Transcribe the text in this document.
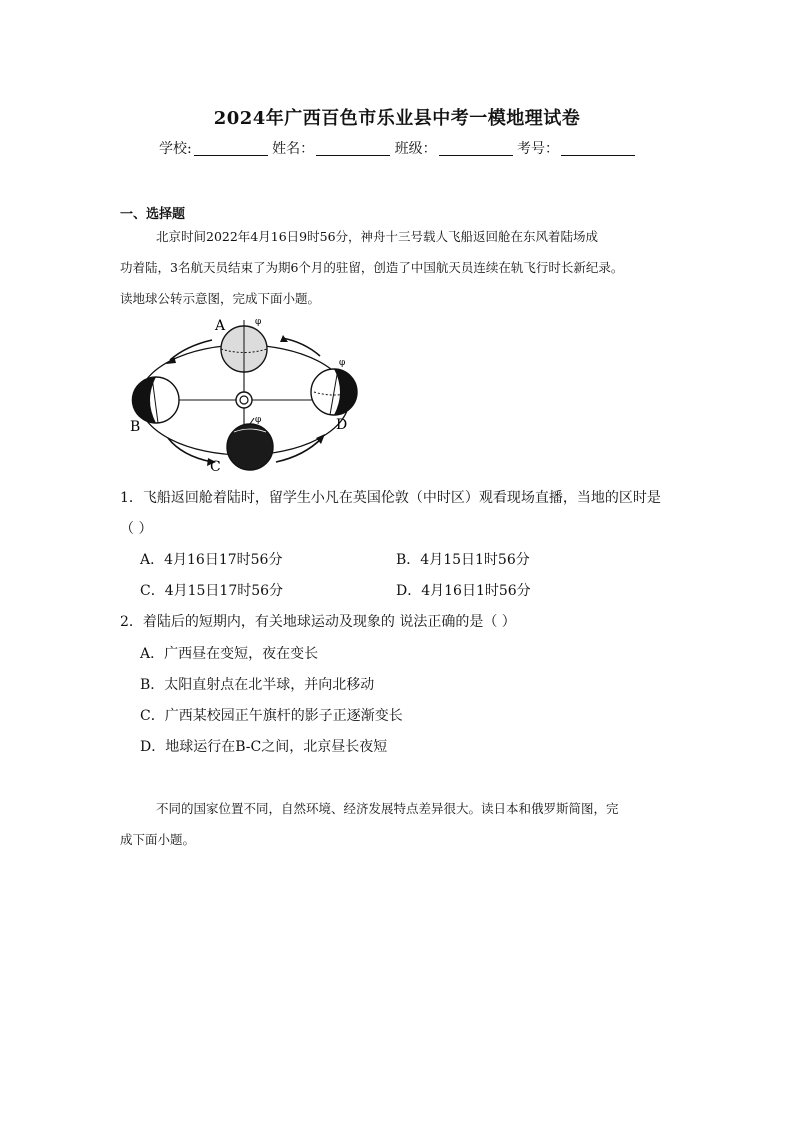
2024年广西百色市乐业县中考一模地理试卷
学校:	姓名：	班级：	考号：
一、选择题
北京时间2022年4月16日9时56分，神舟十三号载人飞船返回舱在东风着陆场成
功着陆，3名航天员结束了为期6个月的驻留，创造了中国航天员连续在轨飞行时长新纪录。
读地球公转示意图，完成下面小题。
φ
φ
φ
A
B
C
D
1．飞船返回舱着陆时，留学生小凡在英国伦敦（中时区）观看现场直播，当地的区时是
（ ）
A．4月16日17时56分	B．4月15日1时56分
C．4月15日17时56分	D．4月16日1时56分
2．着陆后的短期内，有关地球运动及现象的 说法正确的是（ ）
A．广西昼在变短，夜在变长
B．太阳直射点在北半球，并向北移动
C．广西某校园正午旗杆的影子正逐渐变长
D．地球运行在B-C之间，北京昼长夜短
不同的国家位置不同，自然环境、经济发展特点差异很大。读日本和俄罗斯简图，完
成下面小题。
